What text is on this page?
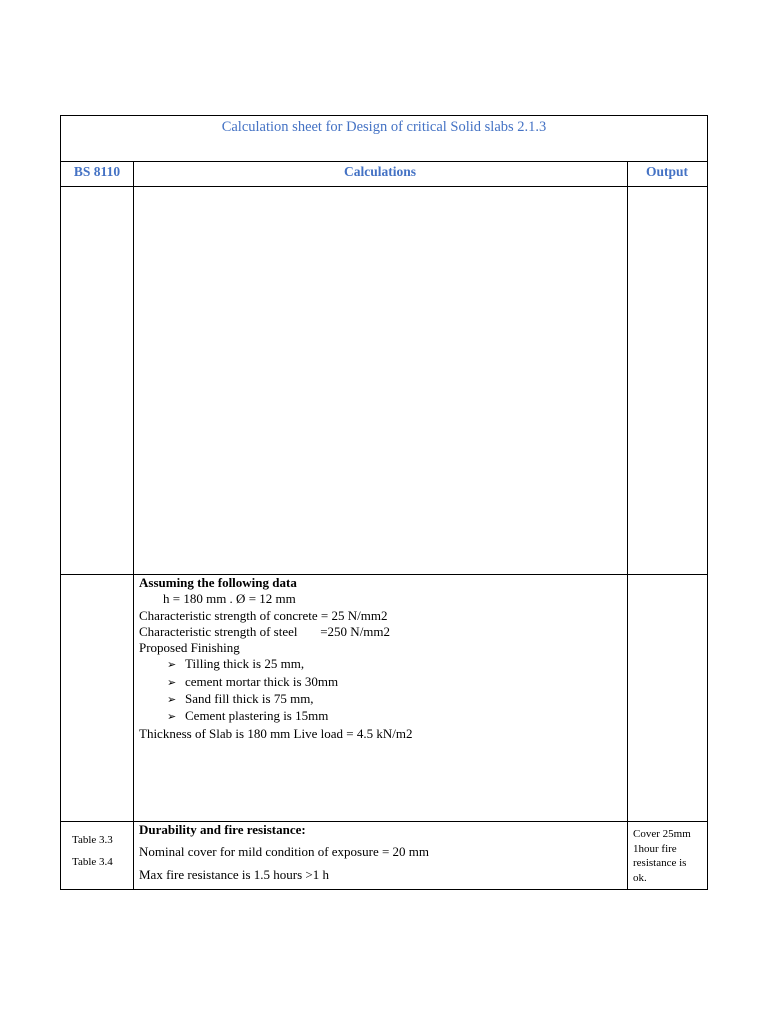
Calculation sheet for Design of critical Solid slabs 2.1.3
BS 8110	Calculations	Output
Assuming the following data
h = 180 mm . Ø = 12 mm
Characteristic strength of concrete = 25 N/mm2
Characteristic strength of steel       =250 N/mm2
Proposed Finishing
➢ Tilling thick is 25 mm,
➢ cement mortar thick is 30mm
➢ Sand fill thick is 75 mm,
➢ Cement plastering is 15mm
Thickness of Slab is 180 mm Live load = 4.5 kN/m2
Table 3.3
Table 3.4
Durability and fire resistance:
Nominal cover for mild condition of exposure = 20 mm
Max fire resistance is 1.5 hours >1 h
Cover 25mm
1hour fire
resistance is
ok.
